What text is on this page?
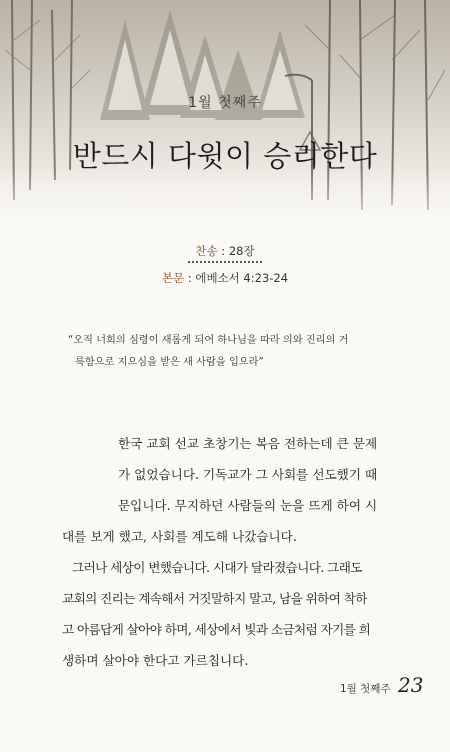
1월 첫째주
반드시 다윗이 승리한다
찬송 : 28장
본문 : 에베소서 4:23-24
“오직 너희의 심령이 새롭게 되어 하나님을 따라 의와 진리의 거
룩함으로 지으심을 받은 새 사람을 입으라”
한국 교회 선교 초창기는 복음 전하는데 큰 문제
가 없었습니다. 기독교가 그 사회를 선도했기 때
문입니다. 무지하던 사람들의 눈을 뜨게 하여 시
대를 보게 했고, 사회를 계도해 나갔습니다.
그러나 세상이 변했습니다. 시대가 달라졌습니다. 그래도
교회의 진리는 계속해서 거짓말하지 말고, 남을 위하여 착하
고 아름답게 살아야 하며, 세상에서 빛과 소금처럼 자기를 희
생하며 살아야 한다고 가르칩니다.
1월 첫째주 23
